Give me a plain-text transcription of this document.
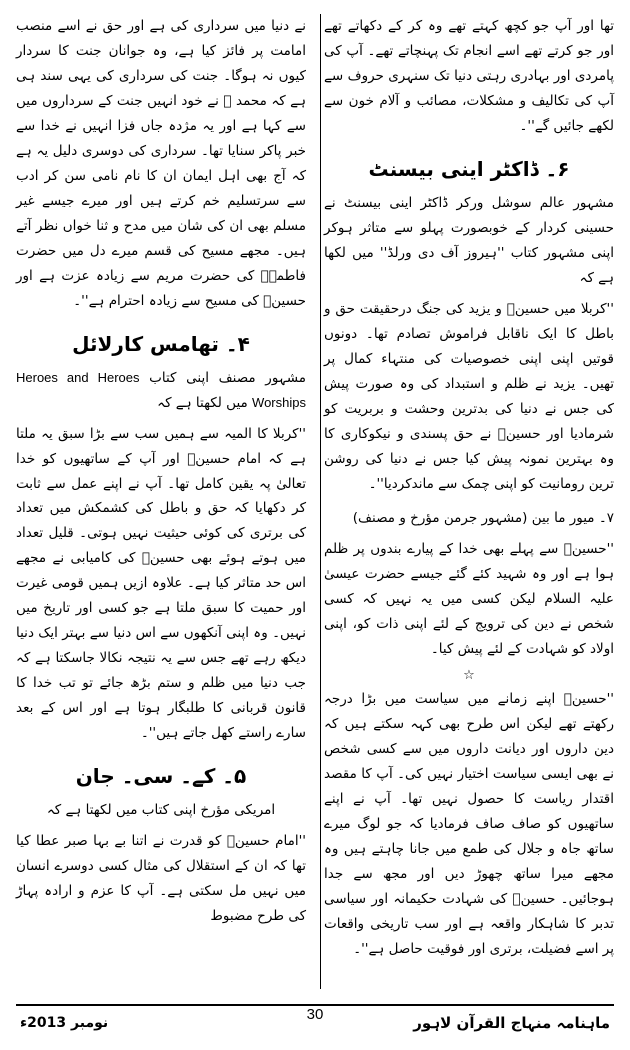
تھا اور آپ جو کچھ کہتے تھے وہ کر کے دکھاتے تھے اور جو کرتے تھے اسے انجام تک پہنچاتے تھے۔ آپ کی پامردی اور بہادری رہتی دنیا تک سنہری حروف سے آپ کی تکالیف و مشکلات، مصائب و آلام خون سے لکھے جائیں گے''۔

۶۔ ڈاکٹر اینی بیسنٹ

مشہور عالم سوشل ورکر ڈاکٹر اینی بیسنٹ نے حسینی کردار کے خوبصورت پہلو سے متاثر ہوکر اپنی مشہور کتاب ''ہیروز آف دی ورلڈ'' میں لکھا ہے کہ

''کربلا میں حسینؓ و یزید کی جنگ درحقیقت حق و باطل کا ایک ناقابل فراموش تصادم تھا۔ دونوں قوتیں اپنی اپنی خصوصیات کی منتہاء کمال پر تھیں۔ یزید نے ظلم و استبداد کی وہ صورت پیش کی جس نے دنیا کی بدترین وحشت و بربریت کو شرمادیا اور حسینؓ نے حق پسندی و نیکوکاری کا وہ بہترین نمونہ پیش کیا جس نے دنیا کی روشن ترین رومانیت کو اپنی چمک سے ماندکردیا''۔

۷۔ میور ما بین (مشہور جرمن مؤرخ و مصنف)

''حسینؓ سے پہلے بھی خدا کے پیارے بندوں پر ظلم ہوا ہے اور وہ شہید کئے گئے جیسے حضرت عیسیٰ علیہ السلام لیکن کسی میں یہ نہیں کہ کسی شخص نے دین کی ترویج کے لئے اپنی ذات کو، اپنی اولاد کو شہادت کے لئے پیش کیا۔

☆

''حسینؓ اپنے زمانے میں سیاست میں بڑا درجہ رکھتے تھے لیکن اس طرح بھی کہہ سکتے ہیں کہ دین داروں اور دیانت داروں میں سے کسی شخص نے بھی ایسی سیاست اختیار نہیں کی۔ آپ کا مقصد اقتدار ریاست کا حصول نہیں تھا۔ آپ نے اپنے ساتھیوں کو صاف صاف فرمادیا کہ جو لوگ میرے ساتھ جاہ و جلال کی طمع میں جانا چاہتے ہیں وہ مجھے میرا ساتھ چھوڑ دیں اور مجھ سے جدا ہوجائیں۔ حسینؓ کی شہادت حکیمانہ اور سیاسی تدبر کا شاہکار واقعہ ہے اور سب تاریخی واقعات پر اسے فضیلت، برتری اور فوقیت حاصل ہے''۔

نے دنیا میں سرداری کی ہے اور حق نے اسے منصب امامت پر فائز کیا ہے، وہ جوانان جنت کا سردار کیوں نہ ہوگا۔ جنت کی سرداری کی یہی سند ہی ہے کہ محمد ﷺ نے خود انہیں جنت کے سرداروں میں سے کہا ہے اور یہ مژدہ جاں فزا انہیں نے خدا سے خبر پاکر سنایا تھا۔ سرداری کی دوسری دلیل یہ ہے کہ آج بھی اہل ایمان ان کا نام نامی سن کر ادب سے سرتسلیم خم کرتے ہیں اور میرے جیسے غیر مسلم بھی ان کی شان میں مدح و ثنا خواں نظر آتے ہیں۔ مجھے مسیح کی قسم میرے دل میں حضرت فاطمہؓ کی حضرت مریم سے زیادہ عزت ہے اور حسینؓ کی مسیح سے زیادہ احترام ہے''۔

۴۔ تھامس کارلائل

مشہور مصنف اپنی کتاب Heroes and Heroes Worships میں لکھتا ہے کہ

''کربلا کا المیہ سے ہمیں سب سے بڑا سبق یہ ملتا ہے کہ امام حسینؓ اور آپ کے ساتھیوں کو خدا تعالیٰ پہ یقین کامل تھا۔ آپ نے اپنے عمل سے ثابت کر دکھایا کہ حق و باطل کی کشمکش میں تعداد کی برتری کی کوئی حیثیت نہیں ہوتی۔ قلیل تعداد میں ہوتے ہوئے بھی حسینؓ کی کامیابی نے مجھے اس حد متاثر کیا ہے۔ علاوہ ازیں ہمیں قومی غیرت اور حمیت کا سبق ملتا ہے جو کسی اور تاریخ میں نہیں۔ وہ اپنی آنکھوں سے اس دنیا سے بہتر ایک دنیا دیکھ رہے تھے جس سے یہ نتیجہ نکالا جاسکتا ہے کہ جب دنیا میں ظلم و ستم بڑھ جائے تو تب خدا کا قانون قربانی کا طلبگار ہوتا ہے اور اس کے بعد سارے راستے کھل جاتے ہیں''۔

۵۔ کے۔ سی۔ جان

امریکی مؤرخ اپنی کتاب میں لکھتا ہے کہ

''امام حسینؓ کو قدرت نے اتنا بے بہا صبر عطا کیا تھا کہ ان کے استقلال کی مثال کسی دوسرے انسان میں نہیں مل سکتی ہے۔ آپ کا عزم و ارادہ پہاڑ کی طرح مضبوط

نومبر 2013ء	30	ماہنامہ منہاج القرآن لاہور
